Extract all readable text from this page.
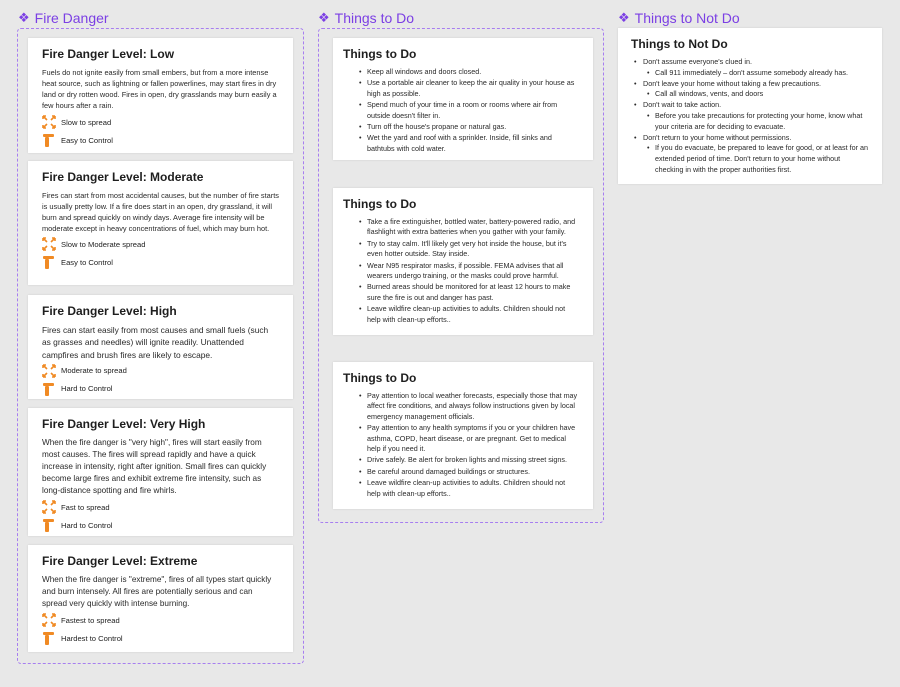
❖ Fire Danger	❖ Things to Do	❖ Things to Not Do
Fire Danger Level: Low

Fuels do not ignite easily from small embers, but from a more intense heat source, such as lightning or fallen powerlines, may start fires in dry land or dry rotten wood. Fires in open, dry grasslands may burn easily a few hours after a rain.

Slow to spread
Easy to Control
Fire Danger Level: Moderate

Fires can start from most accidental causes, but the number of fire starts is usually pretty low. If a fire does start in an open, dry grassland, it will burn and spread quickly on windy days. Average fire intensity will be moderate except in heavy concentrations of fuel, which may burn hot.

Slow to Moderate spread
Easy to Control
Fire Danger Level: High

Fires can start easily from most causes and small fuels (such as grasses and needles) will ignite readily. Unattended campfires and brush fires are likely to escape.

Moderate to spread
Hard to Control
Fire Danger Level: Very High

When the fire danger is "very high", fires will start easily from most causes. The fires will spread rapidly and have a quick increase in intensity, right after ignition. Small fires can quickly become large fires and exhibit extreme fire intensity, such as long-distance spotting and fire whirls.

Fast to spread
Hard to Control
Fire Danger Level: Extreme

When the fire danger is "extreme", fires of all types start quickly and burn intensely. All fires are potentially serious and can spread very quickly with intense burning.

Fastest to spread
Hardest to Control
Things to Do
• Keep all windows and doors closed.
• Use a portable air cleaner to keep the air quality in your house as high as possible.
• Spend much of your time in a room or rooms where air from outside doesn't filter in.
• Turn off the house's propane or natural gas.
• Wet the yard and roof with a sprinkler. Inside, fill sinks and bathtubs with cold water.
Things to Do
• Take a fire extinguisher, bottled water, battery-powered radio, and flashlight with extra batteries when you gather with your family.
• Try to stay calm. It'll likely get very hot inside the house, but it's even hotter outside. Stay inside.
• Wear N95 respirator masks, if possible. FEMA advises that all wearers undergo training, or the masks could prove harmful.
• Burned areas should be monitored for at least 12 hours to make sure the fire is out and danger has past.
• Leave wildfire clean-up activities to adults. Children should not help with clean-up efforts..
Things to Do
• Pay attention to local weather forecasts, especially those that may affect fire conditions, and always follow instructions given by local emergency management officials.
• Pay attention to any health symptoms if you or your children have asthma, COPD, heart disease, or are pregnant. Get to medical help if you need it.
• Drive safely. Be alert for broken lights and missing street signs.
• Be careful around damaged buildings or structures.
• Leave wildfire clean-up activities to adults. Children should not help with clean-up efforts..
Things to Not Do
• Don't assume everyone's clued in.
• Call 911 immediately – don't assume somebody already has.
• Don't leave your home without taking a few precautions.
• Call all windows, vents, and doors
• Don't wait to take action.
• Before you take precautions for protecting your home, know what your criteria are for deciding to evacuate.
• Don't return to your home without permissions.
• If you do evacuate, be prepared to leave for good, or at least for an extended period of time. Don't return to your home without checking in with the proper authorities first.
